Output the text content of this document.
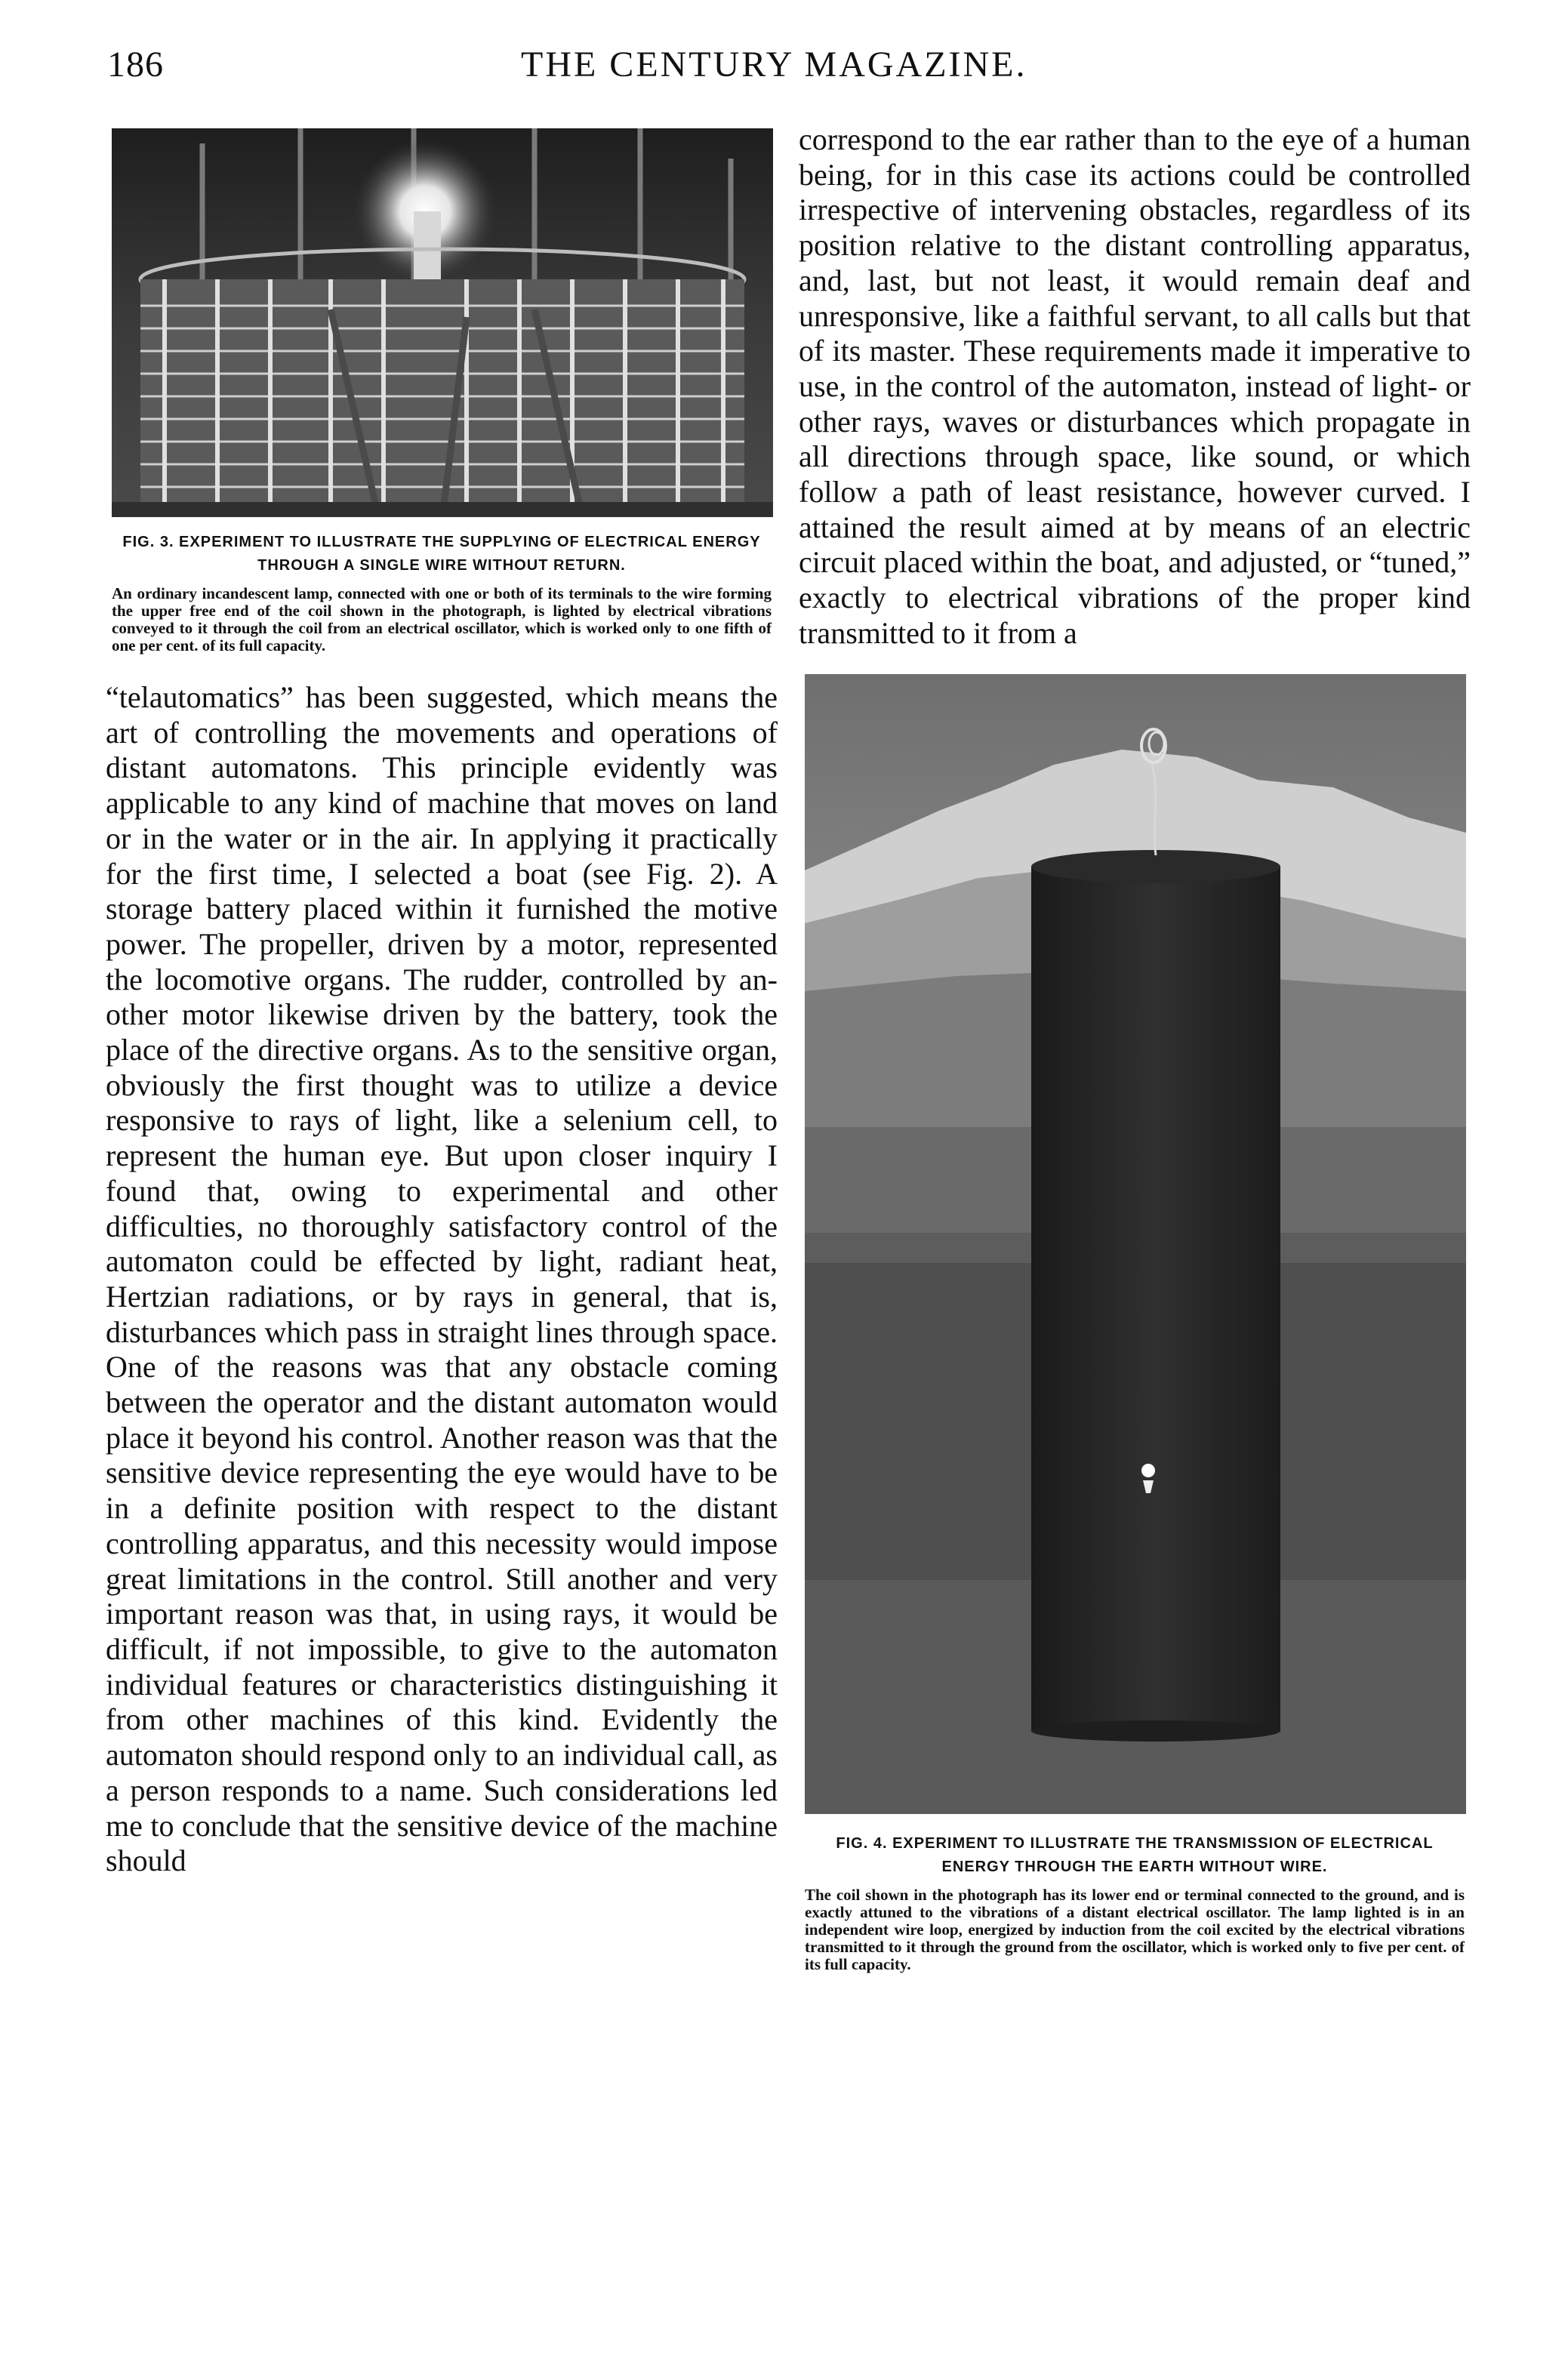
186	THE CENTURY MAGAZINE.

FIG. 3. EXPERIMENT TO ILLUSTRATE THE SUPPLYING OF ELECTRICAL ENERGY THROUGH A SINGLE WIRE WITHOUT RETURN.

An ordinary incandescent lamp, connected with one or both of its terminals to the wire forming the upper free end of the coil shown in the photograph, is lighted by electrical vibrations conveyed to it through the coil from an electrical oscillator, which is worked only to one fifth of one per cent. of its full capacity.

“telautomatics” has been suggested, which means the art of controlling the movements and operations of distant automatons. This principle evidently was applicable to any kind of machine that moves on land or in the water or in the air. In applying it practically for the first time, I selected a boat (see Fig. 2). A storage battery placed within it furnished the motive power. The propeller, driven by a motor, represented the locomotive organs. The rudder, controlled by another motor likewise driven by the battery, took the place of the directive organs. As to the sensitive organ, obviously the first thought was to utilize a device responsive to rays of light, like a selenium cell, to represent the human eye. But upon closer inquiry I found that, owing to experimental and other difficulties, no thoroughly satisfactory control of the automaton could be effected by light, radiant heat, Hertzian radiations, or by rays in general, that is, disturbances which pass in straight lines through space. One of the reasons was that any obstacle coming between the operator and the distant automaton would place it beyond his control. Another reason was that the sensitive device representing the eye would have to be in a definite position with respect to the distant controlling apparatus, and this necessity would impose great limitations in the control. Still another and very important reason was that, in using rays, it would be difficult, if not impossible, to give to the automaton individual features or characteristics distinguishing it from other machines of this kind. Evidently the automaton should respond only to an individual call, as a person responds to a name. Such considerations led me to conclude that the sensitive device of the machine should

correspond to the ear rather than to the eye of a human being, for in this case its actions could be controlled irrespective of intervening obstacles, regardless of its position relative to the distant controlling apparatus, and, last, but not least, it would remain deaf and unresponsive, like a faithful servant, to all calls but that of its master. These requirements made it imperative to use, in the control of the automaton, instead of light- or other rays, waves or disturbances which propagate in all directions through space, like sound, or which follow a path of least resistance, however curved. I attained the result aimed at by means of an electric circuit placed within the boat, and adjusted, or “tuned,” exactly to electrical vibrations of the proper kind transmitted to it from a

FIG. 4. EXPERIMENT TO ILLUSTRATE THE TRANSMISSION OF ELECTRICAL ENERGY THROUGH THE EARTH WITHOUT WIRE.

The coil shown in the photograph has its lower end or terminal connected to the ground, and is exactly attuned to the vibrations of a distant electrical oscillator. The lamp lighted is in an independent wire loop, energized by induction from the coil excited by the electrical vibrations transmitted to it through the ground from the oscillator, which is worked only to five per cent. of its full capacity.
